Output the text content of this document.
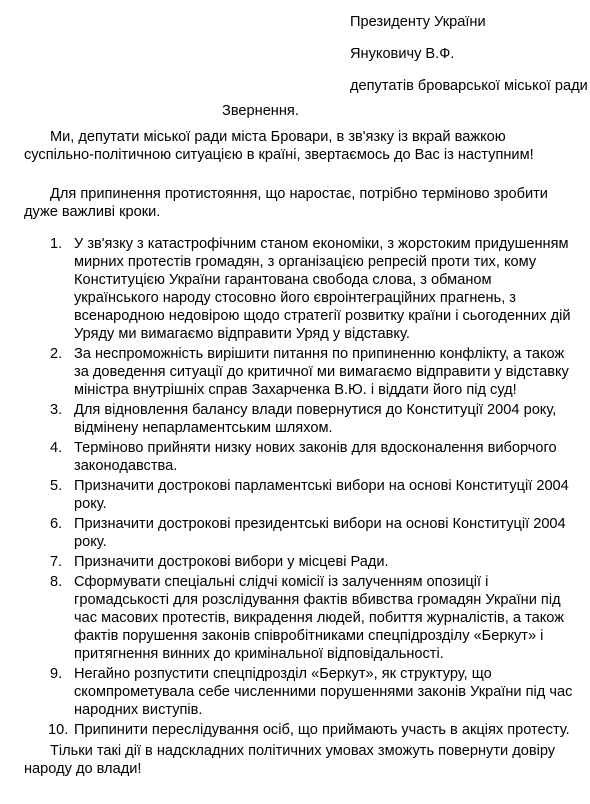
Президенту України
Януковичу В.Ф.
депутатів броварської міської ради
Звернення.
Ми, депутати міської ради міста Бровари, в зв'язку із вкрай важкою суспільно-політичною ситуацією в країні, звертаємось до Вас із наступним!
Для припинення протистояння, що наростає, потрібно терміново зробити дуже важливі кроки.
1. У зв'язку з катастрофічним станом економіки, з жорстоким придушенням мирних протестів громадян, з організацією репресій проти тих, кому Конституцією України гарантована свобода слова, з обманом українського народу стосовно його євроінтеграційних прагнень, з всенародною недовірою щодо стратегії розвитку країни і сьогоденних дій Уряду ми вимагаємо відправити Уряд у відставку.
2. За неспроможність вирішити питання по припиненню конфлікту, а також за доведення ситуації до критичної ми вимагаємо відправити у відставку міністра внутрішніх справ Захарченка В.Ю. і віддати його під суд!
3. Для відновлення балансу влади повернутися до Конституції 2004 року, відмінену непарламентським шляхом.
4. Терміново прийняти низку нових законів для вдосконалення виборчого законодавства.
5. Призначити дострокові парламентські вибори на основі Конституції 2004 року.
6. Призначити дострокові президентські вибори на основі Конституції 2004 року.
7. Призначити дострокові вибори у місцеві Ради.
8. Сформувати спеціальні слідчі комісії із залученням опозиції і громадськості для розслідування фактів вбивства громадян України під час масових протестів, викрадення людей, побиття журналістів, а також фактів порушення законів співробітниками спецпідрозділу «Беркут» і притягнення винних до кримінальної відповідальності.
9. Негайно розпустити спецпідрозділ «Беркут», як структуру, що скомпрометувала себе численними порушеннями законів України під час народних виступів.
10. Припинити переслідування осіб, що приймають участь в акціях протесту.
Тільки такі дії в надскладних політичних умовах зможуть повернути довіру народу до влади!
